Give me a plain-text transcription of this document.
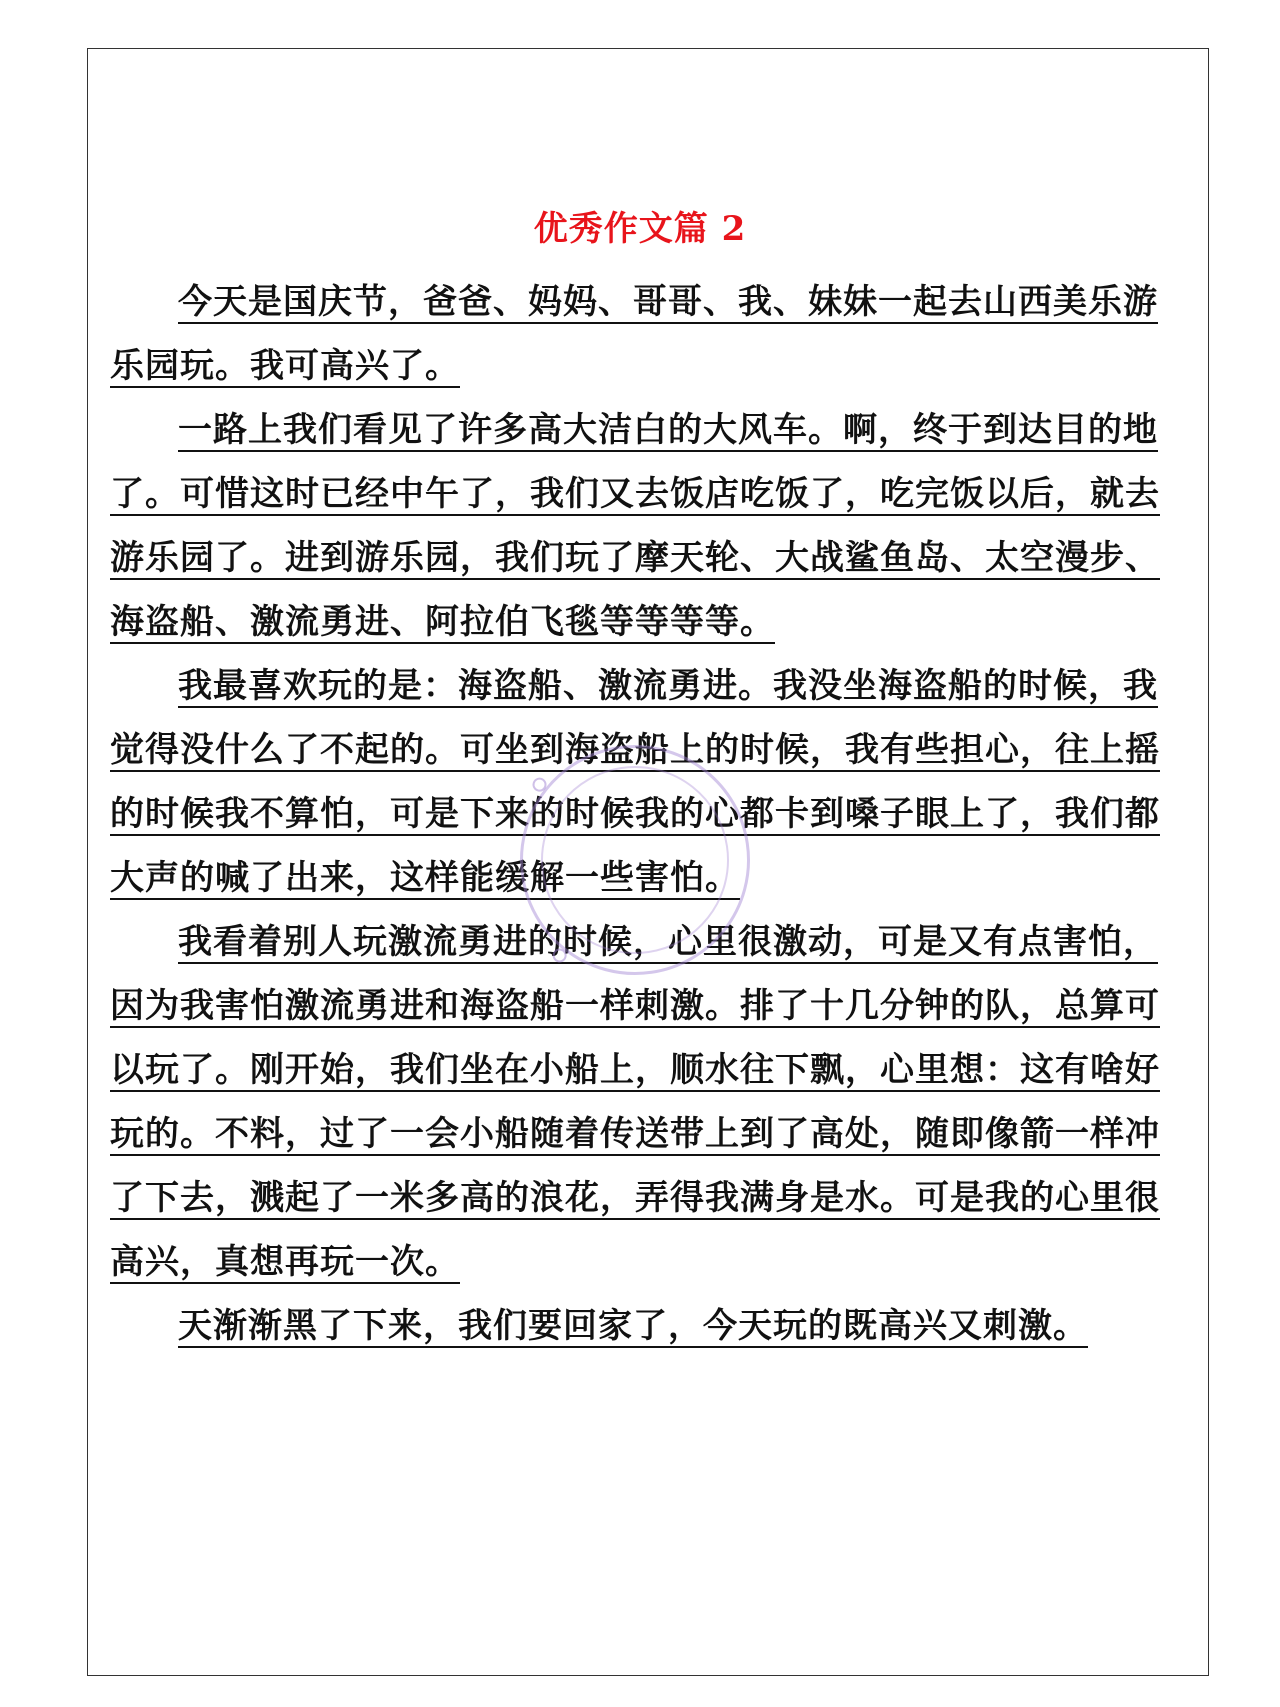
优秀作文篇 2

今天是国庆节，爸爸、妈妈、哥哥、我、妹妹一起去山西美乐游乐园玩。我可高兴了。

一路上我们看见了许多高大洁白的大风车。啊，终于到达目的地了。可惜这时已经中午了，我们又去饭店吃饭了，吃完饭以后，就去游乐园了。进到游乐园，我们玩了摩天轮、大战鲨鱼岛、太空漫步、海盗船、激流勇进、阿拉伯飞毯等等等等。

我最喜欢玩的是：海盗船、激流勇进。我没坐海盗船的时候，我觉得没什么了不起的。可坐到海盗船上的时候，我有些担心，往上摇的时候我不算怕，可是下来的时候我的心都卡到嗓子眼上了，我们都大声的喊了出来，这样能缓解一些害怕。

我看着别人玩激流勇进的时候，心里很激动，可是又有点害怕，因为我害怕激流勇进和海盗船一样刺激。排了十几分钟的队，总算可以玩了。刚开始，我们坐在小船上，顺水往下飘，心里想：这有啥好玩的。不料，过了一会小船随着传送带上到了高处，随即像箭一样冲了下去，溅起了一米多高的浪花，弄得我满身是水。可是我的心里很高兴，真想再玩一次。

天渐渐黑了下来，我们要回家了，今天玩的既高兴又刺激。
